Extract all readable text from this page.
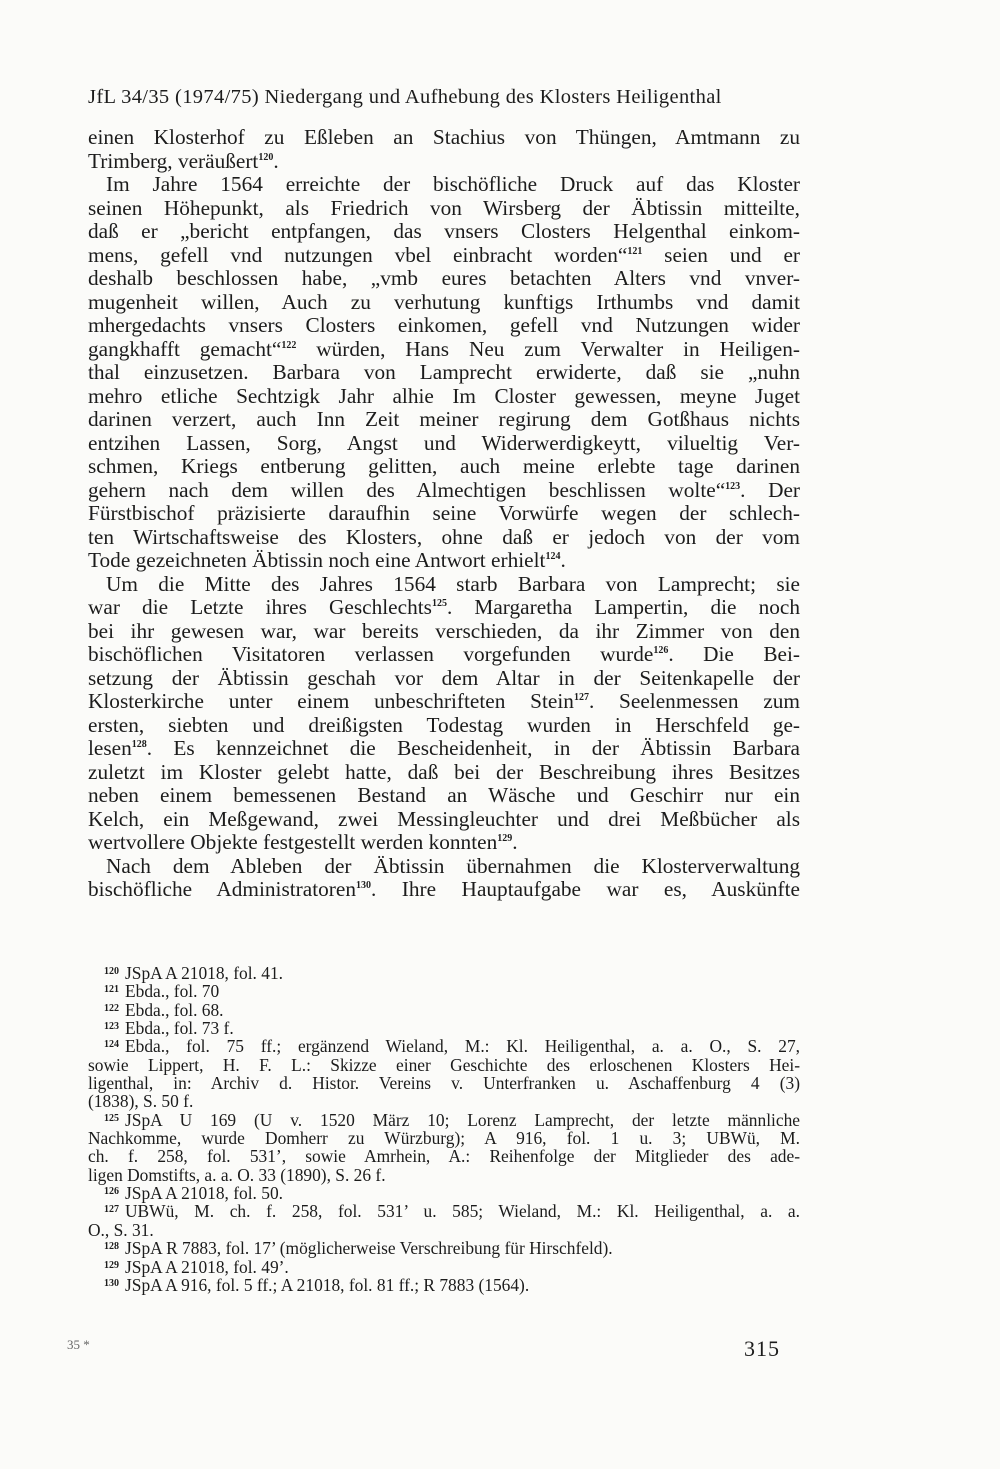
JfL 34/35 (1974/75) Niedergang und Aufhebung des Klosters Heiligenthal
einen Klosterhof zu Eßleben an Stachius von Thüngen, Amtmann zu
Trimberg, veräußert$^{120}$.
Im Jahre 1564 erreichte der bischöfliche Druck auf das Kloster
seinen Höhepunkt, als Friedrich von Wirsberg der Äbtissin mitteilte,
daß er „bericht entpfangen, das vnsers Closters Helgenthal einkom-
mens, gefell vnd nutzungen vbel einbracht worden“$^{121}$ seien und er
deshalb beschlossen habe, „vmb eures betachten Alters vnd vnver-
mugenheit willen, Auch zu verhutung kunftigs Irthumbs vnd damit
mhergedachts vnsers Closters einkomen, gefell vnd Nutzungen wider
gangkhafft gemacht“$^{122}$ würden, Hans Neu zum Verwalter in Heiligen-
thal einzusetzen. Barbara von Lamprecht erwiderte, daß sie „nuhn
mehro etliche Sechtzigk Jahr alhie Im Closter gewessen, meyne Juget
darinen verzert, auch Inn Zeit meiner regirung dem Gotßhaus nichts
entzihen Lassen, Sorg, Angst und Widerwerdigkeytt, vilueltig Ver-
schmen, Kriegs entberung gelitten, auch meine erlebte tage darinen
gehern nach dem willen des Almechtigen beschlissen wolte“$^{123}$. Der
Fürstbischof präzisierte daraufhin seine Vorwürfe wegen der schlech-
ten Wirtschaftsweise des Klosters, ohne daß er jedoch von der vom
Tode gezeichneten Äbtissin noch eine Antwort erhielt$^{124}$.
Um die Mitte des Jahres 1564 starb Barbara von Lamprecht; sie
war die Letzte ihres Geschlechts$^{125}$. Margaretha Lampertin, die noch
bei ihr gewesen war, war bereits verschieden, da ihr Zimmer von den
bischöflichen Visitatoren verlassen vorgefunden wurde$^{126}$. Die Bei-
setzung der Äbtissin geschah vor dem Altar in der Seitenkapelle der
Klosterkirche unter einem unbeschrifteten Stein$^{127}$. Seelenmessen zum
ersten, siebten und dreißigsten Todestag wurden in Herschfeld ge-
lesen$^{128}$. Es kennzeichnet die Bescheidenheit, in der Äbtissin Barbara
zuletzt im Kloster gelebt hatte, daß bei der Beschreibung ihres Besitzes
neben einem bemessenen Bestand an Wäsche und Geschirr nur ein
Kelch, ein Meßgewand, zwei Messingleuchter und drei Meßbücher als
wertvollere Objekte festgestellt werden konnten$^{129}$.
Nach dem Ableben der Äbtissin übernahmen die Klosterverwaltung
bischöfliche Administratoren$^{130}$. Ihre Hauptaufgabe war es, Auskünfte
$^{120}$ JSpA A 21018, fol. 41.
$^{121}$ Ebda., fol. 70
$^{122}$ Ebda., fol. 68.
$^{123}$ Ebda., fol. 73 f.
$^{124}$ Ebda., fol. 75 ff.; ergänzend Wieland, M.: Kl. Heiligenthal, a. a. O., S. 27,
sowie Lippert, H. F. L.: Skizze einer Geschichte des erloschenen Klosters Hei-
ligenthal, in: Archiv d. Histor. Vereins v. Unterfranken u. Aschaffenburg 4 (3)
(1838), S. 50 f.
$^{125}$ JSpA U 169 (U v. 1520 März 10; Lorenz Lamprecht, der letzte männliche
Nachkomme, wurde Domherr zu Würzburg); A 916, fol. 1 u. 3; UBWü, M.
ch. f. 258, fol. 531’, sowie Amrhein, A.: Reihenfolge der Mitglieder des ade-
ligen Domstifts, a. a. O. 33 (1890), S. 26 f.
$^{126}$ JSpA A 21018, fol. 50.
$^{127}$ UBWü, M. ch. f. 258, fol. 531’ u. 585; Wieland, M.: Kl. Heiligenthal, a. a.
O., S. 31.
$^{128}$ JSpA R 7883, fol. 17’ (möglicherweise Verschreibung für Hirschfeld).
$^{129}$ JSpA A 21018, fol. 49’.
$^{130}$ JSpA A 916, fol. 5 ff.; A 21018, fol. 81 ff.; R 7883 (1564).
35 *	315
